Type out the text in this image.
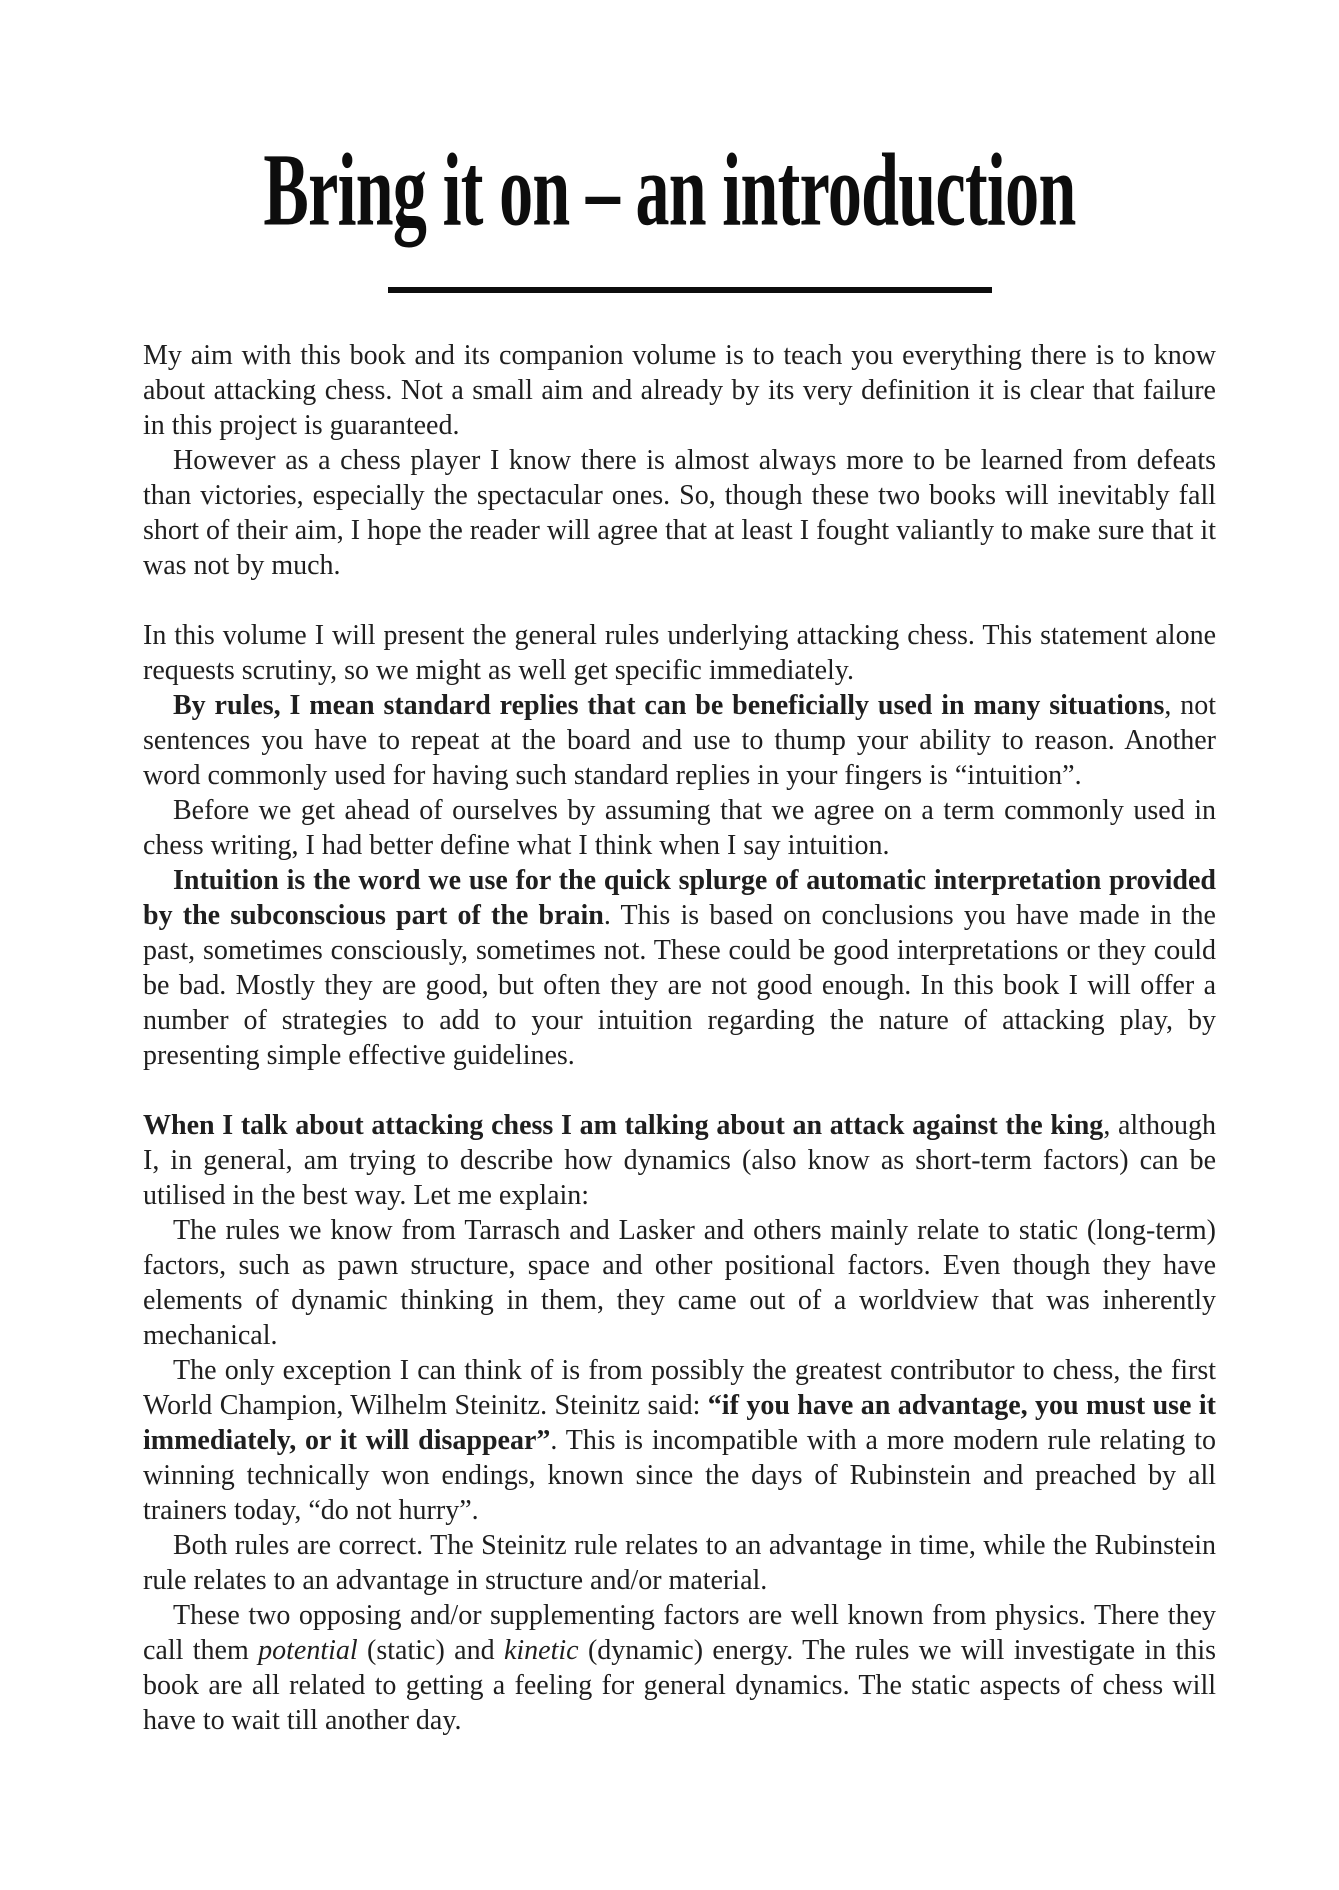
Bring it on – an introduction

My aim with this book and its companion volume is to teach you everything there is to know about attacking chess. Not a small aim and already by its very definition it is clear that failure in this project is guaranteed.

However as a chess player I know there is almost always more to be learned from defeats than victories, especially the spectacular ones. So, though these two books will inevitably fall short of their aim, I hope the reader will agree that at least I fought valiantly to make sure that it was not by much.

In this volume I will present the general rules underlying attacking chess. This statement alone requests scrutiny, so we might as well get specific immediately.

By rules, I mean standard replies that can be beneficially used in many situations, not sentences you have to repeat at the board and use to thump your ability to reason. Another word commonly used for having such standard replies in your fingers is “intuition”.

Before we get ahead of ourselves by assuming that we agree on a term commonly used in chess writing, I had better define what I think when I say intuition.

Intuition is the word we use for the quick splurge of automatic interpretation provided by the subconscious part of the brain. This is based on conclusions you have made in the past, sometimes consciously, sometimes not. These could be good interpretations or they could be bad. Mostly they are good, but often they are not good enough. In this book I will offer a number of strategies to add to your intuition regarding the nature of attacking play, by presenting simple effective guidelines.

When I talk about attacking chess I am talking about an attack against the king, although I, in general, am trying to describe how dynamics (also know as short-term factors) can be utilised in the best way. Let me explain:

The rules we know from Tarrasch and Lasker and others mainly relate to static (long-term) factors, such as pawn structure, space and other positional factors. Even though they have elements of dynamic thinking in them, they came out of a worldview that was inherently mechanical.

The only exception I can think of is from possibly the greatest contributor to chess, the first World Champion, Wilhelm Steinitz. Steinitz said: “if you have an advantage, you must use it immediately, or it will disappear”. This is incompatible with a more modern rule relating to winning technically won endings, known since the days of Rubinstein and preached by all trainers today, “do not hurry”.

Both rules are correct. The Steinitz rule relates to an advantage in time, while the Rubinstein rule relates to an advantage in structure and/or material.

These two opposing and/or supplementing factors are well known from physics. There they call them potential (static) and kinetic (dynamic) energy. The rules we will investigate in this book are all related to getting a feeling for general dynamics. The static aspects of chess will have to wait till another day.
